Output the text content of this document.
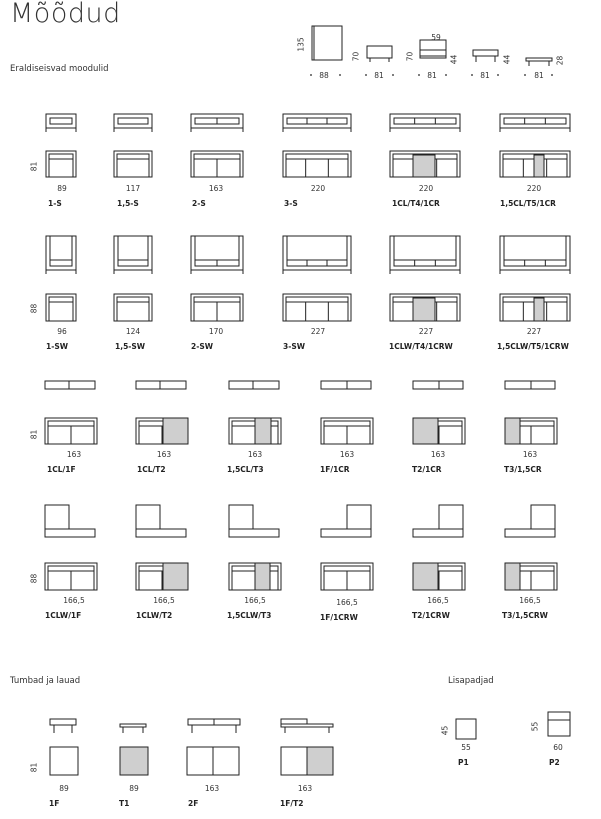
Mõõdud
Eraldiseisvad moodulid
Tumbad ja lauad	Lisapadjad
135
88
70
81
70
59
44
81
44
81
28
81
81
88
81
88
81
45	55
89
1-S
117
1,5-S
163
2-S
220
3-S
220
1CL/T4/1CR
220
1,5CL/T5/1CR
96
1-SW
124
1,5-SW
170
2-SW
227
3-SW
227
1CLW/T4/1CRW
227
1,5CLW/T5/1CRW
163
1CL/1F
163
1CL/T2
163
1,5CL/T3
163
1F/1CR
163
T2/1CR
163
T3/1,5CR
166,5
1CLW/1F
166,5
1CLW/T2
166,5
1,5CLW/T3
166,5
1F/1CRW
166,5
T2/1CRW
166,5
T3/1,5CRW
89
1F
89
T1
163
2F
163
1F/T2
55
P1
60
P2
